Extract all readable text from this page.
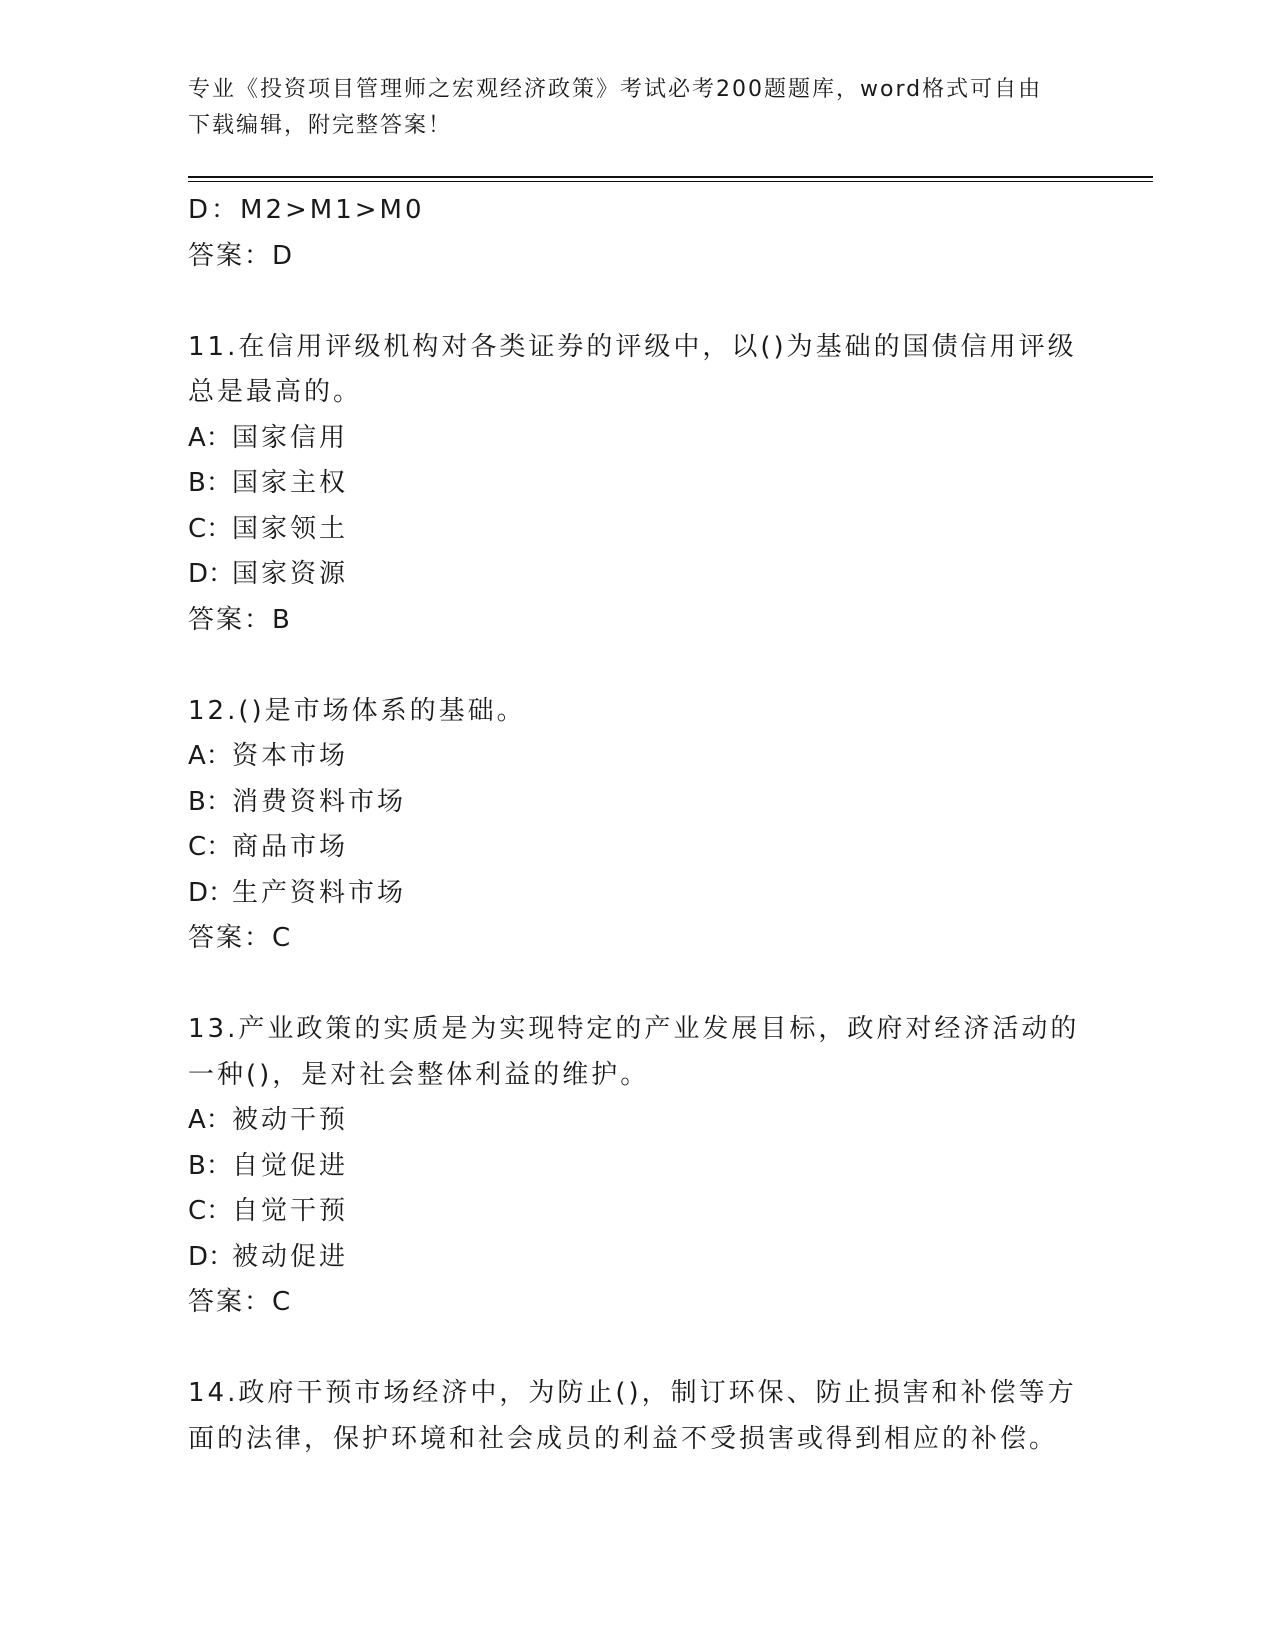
专业《投资项目管理师之宏观经济政策》考试必考200题题库，word格式可自由
下载编辑，附完整答案！
D：M2>M1>M0
答案：D
11.在信用评级机构对各类证券的评级中，以()为基础的国债信用评级
总是最高的。
A：国家信用
B：国家主权
C：国家领土
D：国家资源
答案：B
12.()是市场体系的基础。
A：资本市场
B：消费资料市场
C：商品市场
D：生产资料市场
答案：C
13.产业政策的实质是为实现特定的产业发展目标，政府对经济活动的
一种()，是对社会整体利益的维护。
A：被动干预
B：自觉促进
C：自觉干预
D：被动促进
答案：C
14.政府干预市场经济中，为防止()，制订环保、防止损害和补偿等方
面的法律，保护环境和社会成员的利益不受损害或得到相应的补偿。
